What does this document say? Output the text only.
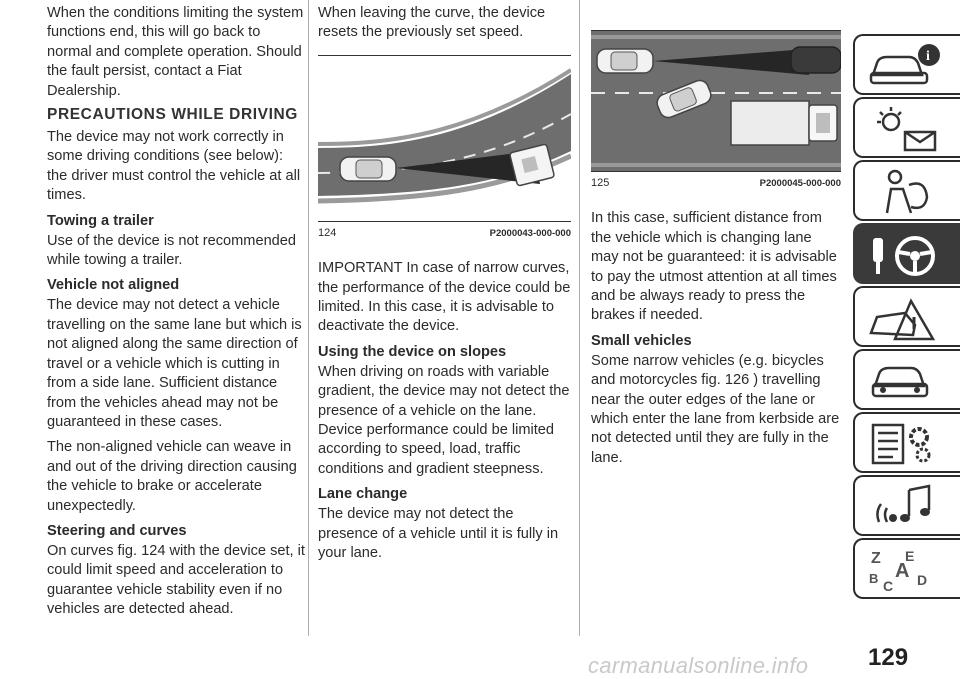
When the conditions limiting the system functions end, this will go back to normal and complete operation. Should the fault persist, contact a Fiat Dealership.

PRECAUTIONS WHILE DRIVING

The device may not work correctly in some driving conditions (see below): the driver must control the vehicle at all times.

Towing a trailer

Use of the device is not recommended while towing a trailer.

Vehicle not aligned

The device may not detect a vehicle travelling on the same lane but which is not aligned along the same direction of travel or a vehicle which is cutting in from a side lane. Sufficient distance from the vehicles ahead may not be guaranteed in these cases.

The non-aligned vehicle can weave in and out of the driving direction causing the vehicle to brake or accelerate unexpectedly.

Steering and curves

On curves fig. 124 with the device set, it could limit speed and acceleration to guarantee vehicle stability even if no vehicles are detected ahead.

When leaving the curve, the device resets the previously set speed.

124	P2000043-000-000

IMPORTANT In case of narrow curves, the performance of the device could be limited. In this case, it is advisable to deactivate the device.

Using the device on slopes

When driving on roads with variable gradient, the device may not detect the presence of a vehicle on the lane. Device performance could be limited according to speed, load, traffic conditions and gradient steepness.

Lane change

The device may not detect the presence of a vehicle until it is fully in your lane.

125	P2000045-000-000

In this case, sufficient distance from the vehicle which is changing lane may not be guaranteed: it is advisable to pay the utmost attention at all times and be always ready to press the brakes if needed.

Small vehicles

Some narrow vehicles (e.g. bicycles and motorcycles fig. 126 ) travelling near the outer edges of the lane or which enter the lane from kerbside are not detected until they are fully in the lane.

i
Z E
A
B C D
129
carmanualsonline.info
